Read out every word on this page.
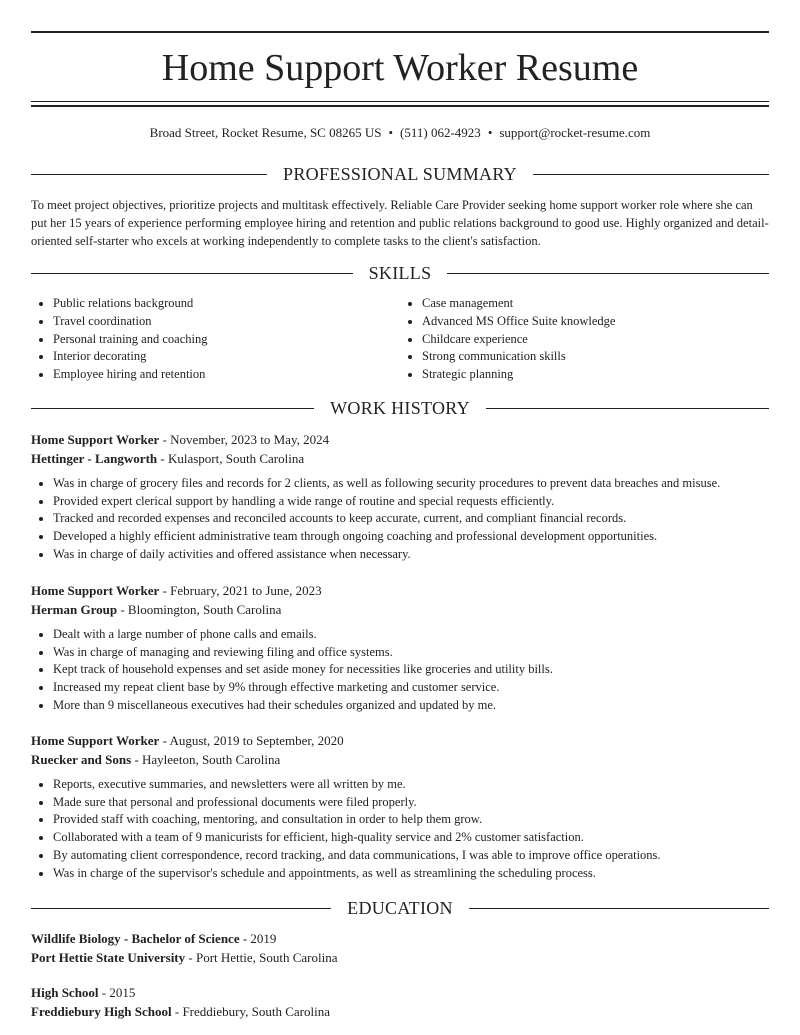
Home Support Worker Resume
Broad Street, Rocket Resume, SC 08265 US • (511) 062-4923 • support@rocket-resume.com
PROFESSIONAL SUMMARY
To meet project objectives, prioritize projects and multitask effectively. Reliable Care Provider seeking home support worker role where she can put her 15 years of experience performing employee hiring and retention and public relations background to good use. Highly organized and detail-oriented self-starter who excels at working independently to complete tasks to the client's satisfaction.
SKILLS
• Public relations background
• Travel coordination
• Personal training and coaching
• Interior decorating
• Employee hiring and retention
• Case management
• Advanced MS Office Suite knowledge
• Childcare experience
• Strong communication skills
• Strategic planning
WORK HISTORY
Home Support Worker - November, 2023 to May, 2024
Hettinger - Langworth - Kulasport, South Carolina
• Was in charge of grocery files and records for 2 clients, as well as following security procedures to prevent data breaches and misuse.
• Provided expert clerical support by handling a wide range of routine and special requests efficiently.
• Tracked and recorded expenses and reconciled accounts to keep accurate, current, and compliant financial records.
• Developed a highly efficient administrative team through ongoing coaching and professional development opportunities.
• Was in charge of daily activities and offered assistance when necessary.
Home Support Worker - February, 2021 to June, 2023
Herman Group - Bloomington, South Carolina
• Dealt with a large number of phone calls and emails.
• Was in charge of managing and reviewing filing and office systems.
• Kept track of household expenses and set aside money for necessities like groceries and utility bills.
• Increased my repeat client base by 9% through effective marketing and customer service.
• More than 9 miscellaneous executives had their schedules organized and updated by me.
Home Support Worker - August, 2019 to September, 2020
Ruecker and Sons - Hayleeton, South Carolina
• Reports, executive summaries, and newsletters were all written by me.
• Made sure that personal and professional documents were filed properly.
• Provided staff with coaching, mentoring, and consultation in order to help them grow.
• Collaborated with a team of 9 manicurists for efficient, high-quality service and 2% customer satisfaction.
• By automating client correspondence, record tracking, and data communications, I was able to improve office operations.
• Was in charge of the supervisor's schedule and appointments, as well as streamlining the scheduling process.
EDUCATION
Wildlife Biology - Bachelor of Science - 2019
Port Hettie State University - Port Hettie, South Carolina
High School - 2015
Freddiebury High School - Freddiebury, South Carolina
